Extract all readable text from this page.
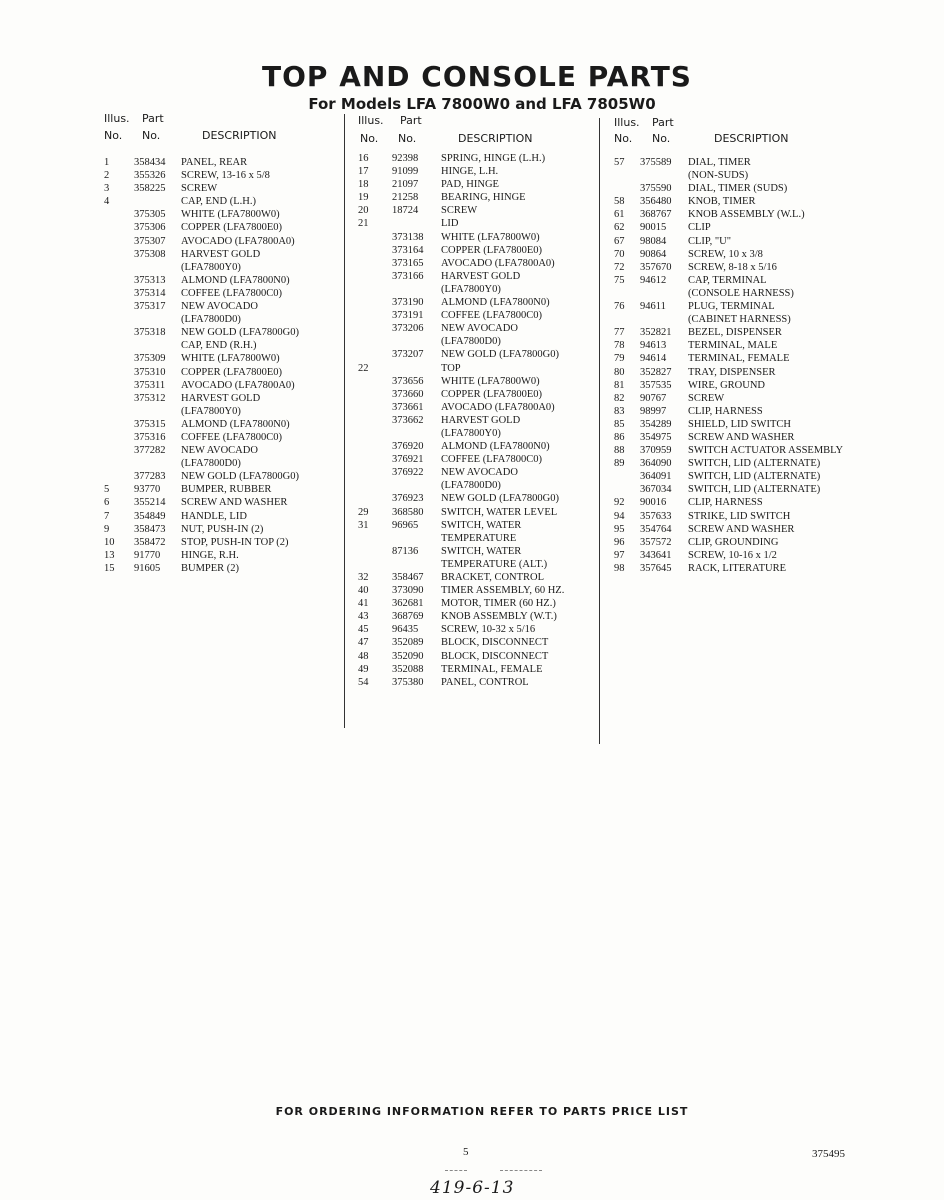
TOP AND CONSOLE PARTS
For Models LFA 7800W0 and LFA 7805W0
Illus. Part
No. No.	DESCRIPTION
1 358434 PANEL, REAR
2 355326 SCREW, 13-16 x 5/8
3 358225 SCREW
4	CAP, END (L.H.)
375305 WHITE (LFA7800W0)
375306 COPPER (LFA7800E0)
375307 AVOCADO (LFA7800A0)
375308 HARVEST GOLD
(LFA7800Y0)
375313 ALMOND (LFA7800N0)
375314 COFFEE (LFA7800C0)
375317 NEW AVOCADO
(LFA7800D0)
375318 NEW GOLD (LFA7800G0)
CAP, END (R.H.)
375309 WHITE (LFA7800W0)
375310 COPPER (LFA7800E0)
375311 AVOCADO (LFA7800A0)
375312 HARVEST GOLD
(LFA7800Y0)
375315 ALMOND (LFA7800N0)
375316 COFFEE (LFA7800C0)
377282 NEW AVOCADO
(LFA7800D0)
377283 NEW GOLD (LFA7800G0)
5 93770 BUMPER, RUBBER
6 355214 SCREW AND WASHER
7 354849 HANDLE, LID
9 358473 NUT, PUSH-IN (2)
10 358472 STOP, PUSH-IN TOP (2)
13 91770 HINGE, R.H.
15 91605 BUMPER (2)
Illus. Part
No. No.	DESCRIPTION
16 92398 SPRING, HINGE (L.H.)
17 91099 HINGE, L.H.
18 21097 PAD, HINGE
19 21258 BEARING, HINGE
20 18724 SCREW
21	LID
373138 WHITE (LFA7800W0)
373164 COPPER (LFA7800E0)
373165 AVOCADO (LFA7800A0)
373166 HARVEST GOLD
(LFA7800Y0)
373190 ALMOND (LFA7800N0)
373191 COFFEE (LFA7800C0)
373206 NEW AVOCADO
(LFA7800D0)
373207 NEW GOLD (LFA7800G0)
22	TOP
373656 WHITE (LFA7800W0)
373660 COPPER (LFA7800E0)
373661 AVOCADO (LFA7800A0)
373662 HARVEST GOLD
(LFA7800Y0)
376920 ALMOND (LFA7800N0)
376921 COFFEE (LFA7800C0)
376922 NEW AVOCADO
(LFA7800D0)
376923 NEW GOLD (LFA7800G0)
29 368580 SWITCH, WATER LEVEL
31 96965 SWITCH, WATER
TEMPERATURE
87136 SWITCH, WATER
TEMPERATURE (ALT.)
32 358467 BRACKET, CONTROL
40 373090 TIMER ASSEMBLY, 60 HZ.
41 362681 MOTOR, TIMER (60 HZ.)
43 368769 KNOB ASSEMBLY (W.T.)
45 96435 SCREW, 10-32 x 5/16
47 352089 BLOCK, DISCONNECT
48 352090 BLOCK, DISCONNECT
49 352088 TERMINAL, FEMALE
54 375380 PANEL, CONTROL
Illus. Part
No. No.	DESCRIPTION
57 375589 DIAL, TIMER
(NON-SUDS)
375590 DIAL, TIMER (SUDS)
58 356480 KNOB, TIMER
61 368767 KNOB ASSEMBLY (W.L.)
62 90015 CLIP
67 98084 CLIP, "U"
70 90864 SCREW, 10 x 3/8
72 357670 SCREW, 8-18 x 5/16
75 94612 CAP, TERMINAL
(CONSOLE HARNESS)
76 94611 PLUG, TERMINAL
(CABINET HARNESS)
77 352821 BEZEL, DISPENSER
78 94613 TERMINAL, MALE
79 94614 TERMINAL, FEMALE
80 352827 TRAY, DISPENSER
81 357535 WIRE, GROUND
82 90767 SCREW
83 98997 CLIP, HARNESS
85 354289 SHIELD, LID SWITCH
86 354975 SCREW AND WASHER
88 370959 SWITCH ACTUATOR ASSEMBLY
89 364090 SWITCH, LID (ALTERNATE)
364091 SWITCH, LID (ALTERNATE)
367034 SWITCH, LID (ALTERNATE)
92 90016 CLIP, HARNESS
94 357633 STRIKE, LID SWITCH
95 354764 SCREW AND WASHER
96 357572 CLIP, GROUNDING
97 343641 SCREW, 10-16 x 1/2
98 357645 RACK, LITERATURE
FOR ORDERING INFORMATION REFER TO PARTS PRICE LIST
5	375495
419-6-13
